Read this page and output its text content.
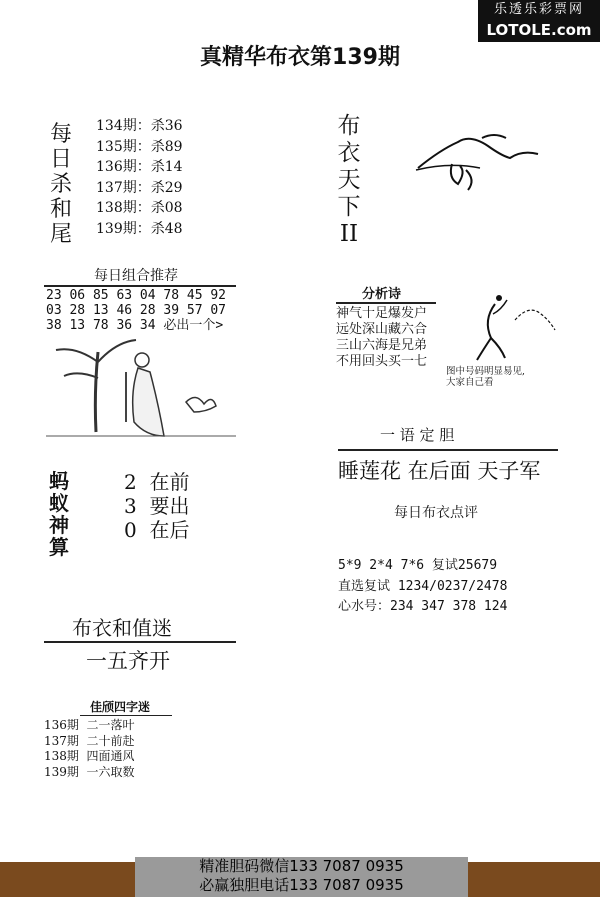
乐透乐彩票网
LOTOLE.com
真精华布衣第139期
每
日
杀
和
尾
134期：杀36
135期：杀89
136期：杀14
137期：杀29
138期：杀08
139期：杀48
布
衣
天
下
II
每日组合推荐
23 06 85 63 04 78 45 92
03 28 13 46 28 39 57 07
38 13 78 36 34 必出一个>
分析诗
神气十足爆发户
远处深山藏六合
三山六海是兄弟
不用回头买一七
图中号码明显易见,
大家自己看
一 语 定 胆
睡莲花 在后面 天子军
每日布衣点评
5*9 2*4 7*6 复试25679
直选复试 1234/0237/2478
心水号：234 347 378 124
蚂
蚁
神
算
2 在前
3 要出
0 在后
布衣和值迷
一五齐开
佳颀四字迷
136期  二一落叶
137期  二十前赴
138期  四面通风
139期  一六取数
精准胆码微信133 7087 0935
必赢独胆电话133 7087 0935
